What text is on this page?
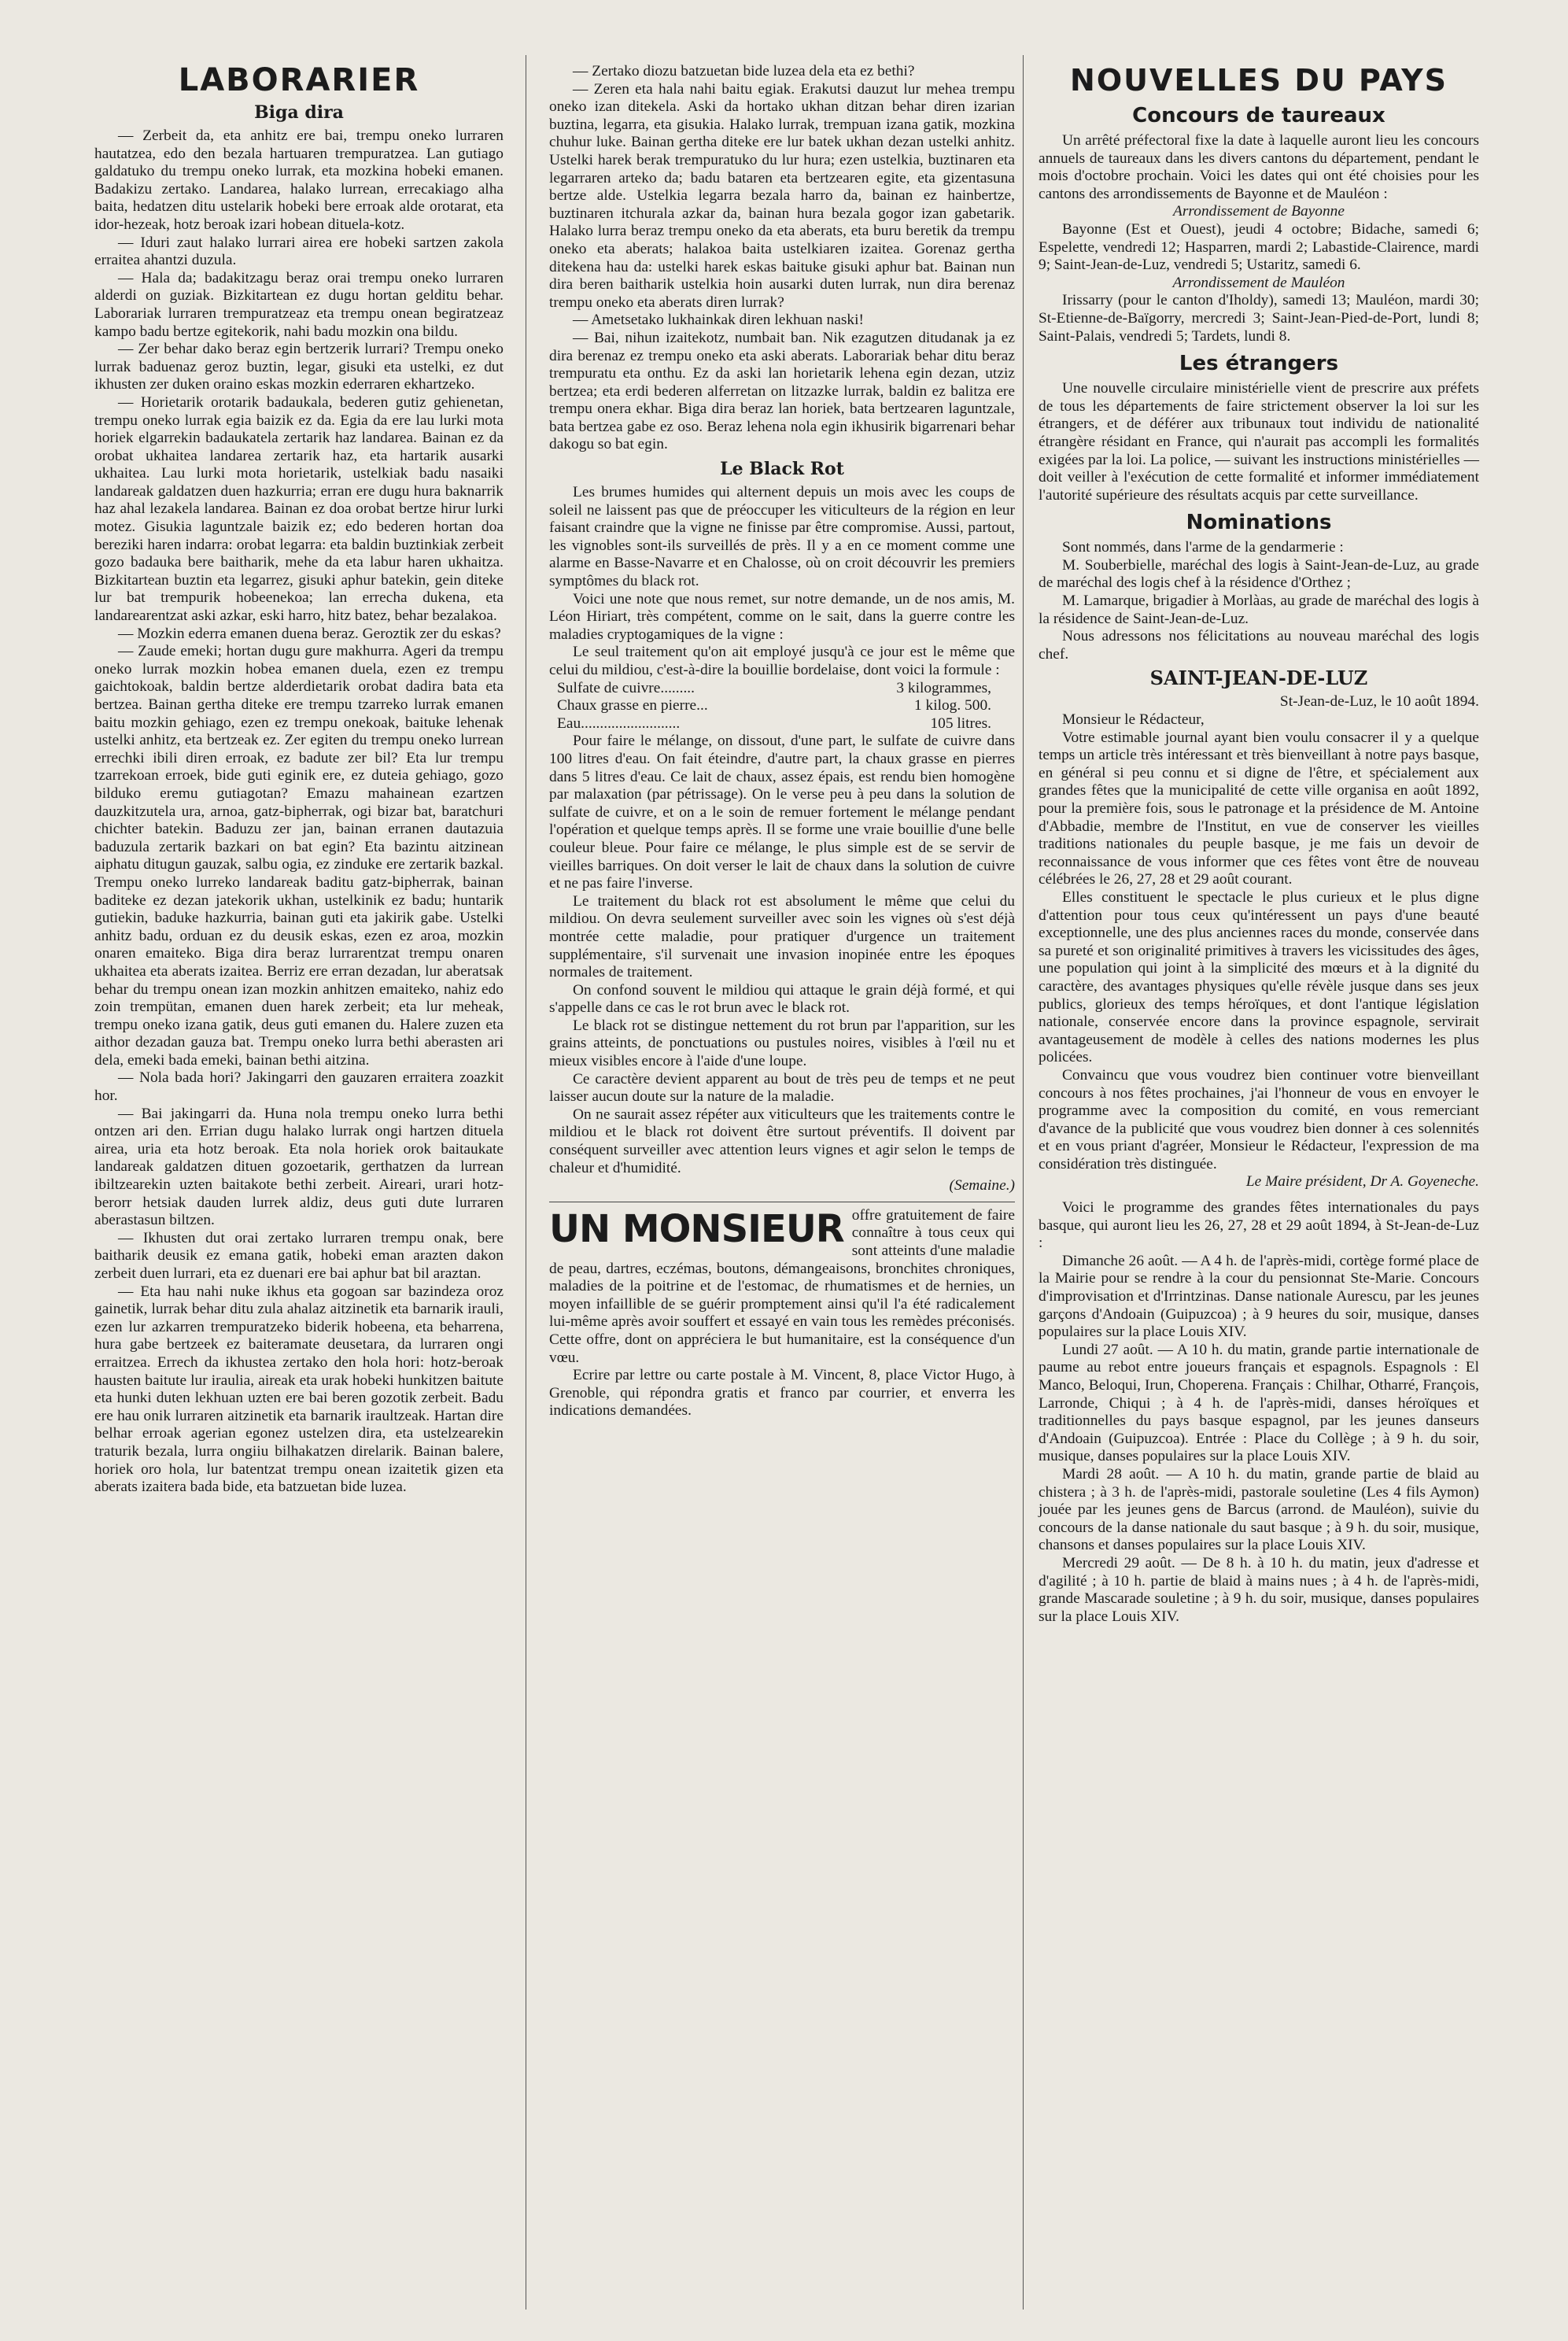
LABORARIER
Biga dira

— Zerbeit da, eta anhitz ere bai, trempu oneko lurraren hautatzea, edo den bezala hartuaren trempuratzea. Lan gutiago galdatuko du trempu oneko lurrak, eta mozkina hobeki emanen. Badakizu zertako. Landarea, halako lurrean, errecakiago alha baita, hedatzen ditu ustelarik hobeki bere erroak alde orotarat, eta idor-hezeak, hotz beroak izari hobean dituela-kotz.

— Iduri zaut halako lurrari airea ere hobeki sartzen zakola erraitea ahantzi duzula.

— Hala da; badakitzagu beraz orai trempu oneko lurraren alderdi on guziak. Bizkitartean ez dugu hortan gelditu behar. Laborariak lurraren trempuratzeaz eta trempu onean begiratzeaz kampo badu bertze egitekorik, nahi badu mozkin ona bildu.

— Zer behar dako beraz egin bertzerik lurrari? Trempu oneko lurrak baduenaz geroz buztin, legar, gisuki eta ustelki, ez dut ikhusten zer duken oraino eskas mozkin ederraren ekhartzeko.

— Horietarik orotarik badaukala, bederen gutiz gehienetan, trempu oneko lurrak egia baizik ez da. Egia da ere lau lurki mota horiek elgarrekin badaukatela zertarik haz landarea. Bainan ez da orobat ukhaitea landarea zertarik haz, eta hartarik ausarki ukhaitea. Lau lurki mota horietarik, ustelkiak badu nasaiki landareak galdatzen duen hazkurria; erran ere dugu hura baknarrik haz ahal lezakela landarea. Bainan ez doa orobat bertze hirur lurki motez. Gisukia laguntzale baizik ez; edo bederen hortan doa bereziki haren indarra: orobat legarra: eta baldin buztinkiak zerbeit gozo badauka bere baitharik, mehe da eta labur haren ukhaitza. Bizkitartean buztin eta legarrez, gisuki aphur batekin, gein diteke lur bat trempurik hobeenekoa; lan errecha dukena, eta landarearentzat aski azkar, eski harro, hitz batez, behar bezalakoa.

— Mozkin ederra emanen duena beraz. Geroztik zer du eskas?

— Zaude emeki; hortan dugu gure makhurra. Ageri da trempu oneko lurrak mozkin hobea emanen duela, ezen ez trempu gaichtokoak, baldin bertze alderdietarik orobat dadira bata eta bertzea. Bainan gertha diteke ere trempu tzarreko lurrak emanen baitu mozkin gehiago, ezen ez trempu onekoak, baituke lehenak ustelki anhitz, eta bertzeak ez. Zer egiten du trempu oneko lurrean errechki ibili diren erroak, ez badute zer bil? Eta lur trempu tzarrekoan erroek, bide guti eginik ere, ez duteia gehiago, gozo bilduko eremu gutiagotan? Emazu mahainean ezartzen dauzkitzutela ura, arnoa, gatz-bipherrak, ogi bizar bat, baratchuri chichter batekin. Baduzu zer jan, bainan erranen dautazuia baduzula zertarik bazkari on bat egin? Eta bazintu aitzinean aiphatu ditugun gauzak, salbu ogia, ez zinduke ere zertarik bazkal. Trempu oneko lurreko landareak baditu gatz-bipherrak, bainan baditeke ez dezan jatekorik ukhan, ustelkinik ez badu; huntarik gutiekin, baduke hazkurria, bainan guti eta jakirik gabe. Ustelki anhitz badu, orduan ez du deusik eskas, ezen ez aroa, mozkin onaren emaiteko. Biga dira beraz lurrarentzat trempu onaren ukhaitea eta aberats izaitea. Berriz ere erran dezadan, lur aberatsak behar du trempu onean izan mozkin anhitzen emaiteko, nahiz edo zoin trempütan, emanen duen harek zerbeit; eta lur meheak, trempu oneko izana gatik, deus guti emanen du. Halere zuzen eta aithor dezadan gauza bat. Trempu oneko lurra bethi aberasten ari dela, emeki bada emeki, bainan bethi aitzina.

— Nola bada hori? Jakingarri den gauzaren erraitera zoazkit hor.

— Bai jakingarri da. Huna nola trempu oneko lurra bethi ontzen ari den. Errian dugu halako lurrak ongi hartzen dituela airea, uria eta hotz beroak. Eta nola horiek orok baitaukate landareak galdatzen dituen gozoetarik, gerthatzen da lurrean ibiltzearekin uzten baitakote bethi zerbeit. Aireari, urari hotz-berorr hetsiak dauden lurrek aldiz, deus guti dute lurraren aberastasun biltzen.

— Ikhusten dut orai zertako lurraren trempu onak, bere baitharik deusik ez emana gatik, hobeki eman arazten dakon zerbeit duen lurrari, eta ez duenari ere bai aphur bat bil araztan.

— Eta hau nahi nuke ikhus eta gogoan sar bazindeza oroz gainetik, lurrak behar ditu zula ahalaz aitzinetik eta barnarik irauli, ezen lur azkarren trempuratzeko biderik hobeena, eta beharrena, hura gabe bertzeek ez baiteramate deusetara, da lurraren ongi erraitzea. Errech da ikhustea zertako den hola hori: hotz-beroak hausten baitute lur iraulia, aireak eta urak hobeki hunkitzen baitute eta hunki duten lekhuan uzten ere bai beren gozotik zerbeit. Badu ere hau onik lurraren aitzinetik eta barnarik iraultzeak. Hartan dire belhar erroak agerian egonez ustelzen dira, eta ustelzearekin traturik bezala, lurra ongiiu bilhakatzen direlarik. Bainan balere, horiek oro hola, lur batentzat trempu onean izaitetik gizen eta aberats izaitera bada bide, eta batzuetan bide luzea.

— Zertako diozu batzuetan bide luzea dela eta ez bethi?

— Zeren eta hala nahi baitu egiak. Erakutsi dauzut lur mehea trempu oneko izan ditekela. Aski da hortako ukhan ditzan behar diren izarian buztina, legarra, eta gisukia. Halako lurrak, trempuan izana gatik, mozkina chuhur luke. Bainan gertha diteke ere lur batek ukhan dezan ustelki anhitz. Ustelki harek berak trempuratuko du lur hura; ezen ustelkia, buztinaren eta legarraren arteko da; badu bataren eta bertzearen egite, eta gizentasuna bertze alde. Ustelkia legarra bezala harro da, bainan ez hainbertze, buztinaren itchurala azkar da, bainan hura bezala gogor izan gabetarik. Halako lurra beraz trempu oneko da eta aberats, eta buru beretik da trempu oneko eta aberats; halakoa baita ustelkiaren izaitea. Gorenaz gertha ditekena hau da: ustelki harek eskas baituke gisuki aphur bat. Bainan nun dira beren baitharik ustelkia hoin ausarki duten lurrak, nun dira berenaz trempu oneko eta aberats diren lurrak?

— Ametsetako lukhainkak diren lekhuan naski!

— Bai, nihun izaitekotz, numbait ban. Nik ezagutzen ditudanak ja ez dira berenaz ez trempu oneko eta aski aberats. Laborariak behar ditu beraz trempuratu eta onthu. Ez da aski lan horietarik lehena egin dezan, utziz bertzea; eta erdi bederen alferretan on litzazke lurrak, baldin ez balitza ere trempu onera ekhar. Biga dira beraz lan horiek, bata bertzearen laguntzale, bata bertzea gabe ez oso. Beraz lehena nola egin ikhusirik bigarrenari behar dakogu so bat egin.

Le Black Rot

Les brumes humides qui alternent depuis un mois avec les coups de soleil ne laissent pas que de préoccuper les viticulteurs de la région en leur faisant craindre que la vigne ne finisse par être compromise. Aussi, partout, les vignobles sont-ils surveillés de près. Il y a en ce moment comme une alarme en Basse-Navarre et en Chalosse, où on croit découvrir les premiers symptômes du black rot.

Voici une note que nous remet, sur notre demande, un de nos amis, M. Léon Hiriart, très compétent, comme on le sait, dans la guerre contre les maladies cryptogamiques de la vigne :

Le seul traitement qu'on ait employé jusqu'à ce jour est le même que celui du mildiou, c'est-à-dire la bouillie bordelaise, dont voici la formule :

Sulfate de cuivre.........	3 kilogrammes,
Chaux grasse en pierre...	1 kilog. 500.
Eau..........................	105 litres.

Pour faire le mélange, on dissout, d'une part, le sulfate de cuivre dans 100 litres d'eau. On fait éteindre, d'autre part, la chaux grasse en pierres dans 5 litres d'eau. Ce lait de chaux, assez épais, est rendu bien homogène par malaxation (par pétrissage). On le verse peu à peu dans la solution de sulfate de cuivre, et on a le soin de remuer fortement le mélange pendant l'opération et quelque temps après. Il se forme une vraie bouillie d'une belle couleur bleue. Pour faire ce mélange, le plus simple est de se servir de vieilles barriques. On doit verser le lait de chaux dans la solution de cuivre et ne pas faire l'inverse.

Le traitement du black rot est absolument le même que celui du mildiou. On devra seulement surveiller avec soin les vignes où s'est déjà montrée cette maladie, pour pratiquer d'urgence un traitement supplémentaire, s'il survenait une invasion inopinée entre les époques normales de traitement.

On confond souvent le mildiou qui attaque le grain déjà formé, et qui s'appelle dans ce cas le rot brun avec le black rot.

Le black rot se distingue nettement du rot brun par l'apparition, sur les grains atteints, de ponctuations ou pustules noires, visibles à l'œil nu et mieux visibles encore à l'aide d'une loupe.

Ce caractère devient apparent au bout de très peu de temps et ne peut laisser aucun doute sur la nature de la maladie.

On ne saurait assez répéter aux viticulteurs que les traitements contre le mildiou et le black rot doivent être surtout préventifs. Il doivent par conséquent surveiller avec attention leurs vignes et agir selon le temps de chaleur et d'humidité.

(Semaine.)

UN MONSIEUR offre gratuitement de faire connaître à tous ceux qui sont atteints d'une maladie de peau, dartres, eczémas, boutons, démangeaisons, bronchites chroniques, maladies de la poitrine et de l'estomac, de rhumatismes et de hernies, un moyen infaillible de se guérir promptement ainsi qu'il l'a été radicalement lui-même après avoir souffert et essayé en vain tous les remèdes préconisés. Cette offre, dont on appréciera le but humanitaire, est la conséquence d'un vœu.

Ecrire par lettre ou carte postale à M. Vincent, 8, place Victor Hugo, à Grenoble, qui répondra gratis et franco par courrier, et enverra les indications demandées.

NOUVELLES DU PAYS
Concours de taureaux

Un arrêté préfectoral fixe la date à laquelle auront lieu les concours annuels de taureaux dans les divers cantons du département, pendant le mois d'octobre prochain. Voici les dates qui ont été choisies pour les cantons des arrondissements de Bayonne et de Mauléon :

Arrondissement de Bayonne

Bayonne (Est et Ouest), jeudi 4 octobre; Bidache, samedi 6; Espelette, vendredi 12; Hasparren, mardi 2; Labastide-Clairence, mardi 9; Saint-Jean-de-Luz, vendredi 5; Ustaritz, samedi 6.

Arrondissement de Mauléon

Irissarry (pour le canton d'Iholdy), samedi 13; Mauléon, mardi 30; St-Etienne-de-Baïgorry, mercredi 3; Saint-Jean-Pied-de-Port, lundi 8; Saint-Palais, vendredi 5; Tardets, lundi 8.

Les étrangers

Une nouvelle circulaire ministérielle vient de prescrire aux préfets de tous les départements de faire strictement observer la loi sur les étrangers, et de déférer aux tribunaux tout individu de nationalité étrangère résidant en France, qui n'aurait pas accompli les formalités exigées par la loi. La police, — suivant les instructions ministérielles — doit veiller à l'exécution de cette formalité et informer immédiatement l'autorité supérieure des résultats acquis par cette surveillance.

Nominations

Sont nommés, dans l'arme de la gendarmerie :

M. Souberbielle, maréchal des logis à Saint-Jean-de-Luz, au grade de maréchal des logis chef à la résidence d'Orthez ;

M. Lamarque, brigadier à Morlàas, au grade de maréchal des logis à la résidence de Saint-Jean-de-Luz.

Nous adressons nos félicitations au nouveau maréchal des logis chef.

SAINT-JEAN-DE-LUZ

St-Jean-de-Luz, le 10 août 1894.

Monsieur le Rédacteur,

Votre estimable journal ayant bien voulu consacrer il y a quelque temps un article très intéressant et très bienveillant à notre pays basque, en général si peu connu et si digne de l'être, et spécialement aux grandes fêtes que la municipalité de cette ville organisa en août 1892, pour la première fois, sous le patronage et la présidence de M. Antoine d'Abbadie, membre de l'Institut, en vue de conserver les vieilles traditions nationales du peuple basque, je me fais un devoir de reconnaissance de vous informer que ces fêtes vont être de nouveau célébrées le 26, 27, 28 et 29 août courant.

Elles constituent le spectacle le plus curieux et le plus digne d'attention pour tous ceux qu'intéressent un pays d'une beauté exceptionnelle, une des plus anciennes races du monde, conservée dans sa pureté et son originalité primitives à travers les vicissitudes des âges, une population qui joint à la simplicité des mœurs et à la dignité du caractère, des avantages physiques qu'elle révèle jusque dans ses jeux publics, glorieux des temps héroïques, et dont l'antique législation nationale, conservée encore dans la province espagnole, servirait avantageusement de modèle à celles des nations modernes les plus policées.

Convaincu que vous voudrez bien continuer votre bienveillant concours à nos fêtes prochaines, j'ai l'honneur de vous en envoyer le programme avec la composition du comité, en vous remerciant d'avance de la publicité que vous voudrez bien donner à ces solennités et en vous priant d'agréer, Monsieur le Rédacteur, l'expression de ma considération très distinguée.

Le Maire président, Dr A. Goyeneche.

Voici le programme des grandes fêtes internationales du pays basque, qui auront lieu les 26, 27, 28 et 29 août 1894, à St-Jean-de-Luz :

Dimanche 26 août. — A 4 h. de l'après-midi, cortège formé place de la Mairie pour se rendre à la cour du pensionnat Ste-Marie. Concours d'improvisation et d'Irrintzinas. Danse nationale Aurescu, par les jeunes garçons d'Andoain (Guipuzcoa) ; à 9 heures du soir, musique, danses populaires sur la place Louis XIV.

Lundi 27 août. — A 10 h. du matin, grande partie internationale de paume au rebot entre joueurs français et espagnols. Espagnols : El Manco, Beloqui, Irun, Choperena. Français : Chilhar, Otharré, François, Larronde, Chiqui ; à 4 h. de l'après-midi, danses héroïques et traditionnelles du pays basque espagnol, par les jeunes danseurs d'Andoain (Guipuzcoa). Entrée : Place du Collège ; à 9 h. du soir, musique, danses populaires sur la place Louis XIV.

Mardi 28 août. — A 10 h. du matin, grande partie de blaid au chistera ; à 3 h. de l'après-midi, pastorale souletine (Les 4 fils Aymon) jouée par les jeunes gens de Barcus (arrond. de Mauléon), suivie du concours de la danse nationale du saut basque ; à 9 h. du soir, musique, chansons et danses populaires sur la place Louis XIV.

Mercredi 29 août. — De 8 h. à 10 h. du matin, jeux d'adresse et d'agilité ; à 10 h. partie de blaid à mains nues ; à 4 h. de l'après-midi, grande Mascarade souletine ; à 9 h. du soir, musique, danses populaires sur la place Louis XIV.
